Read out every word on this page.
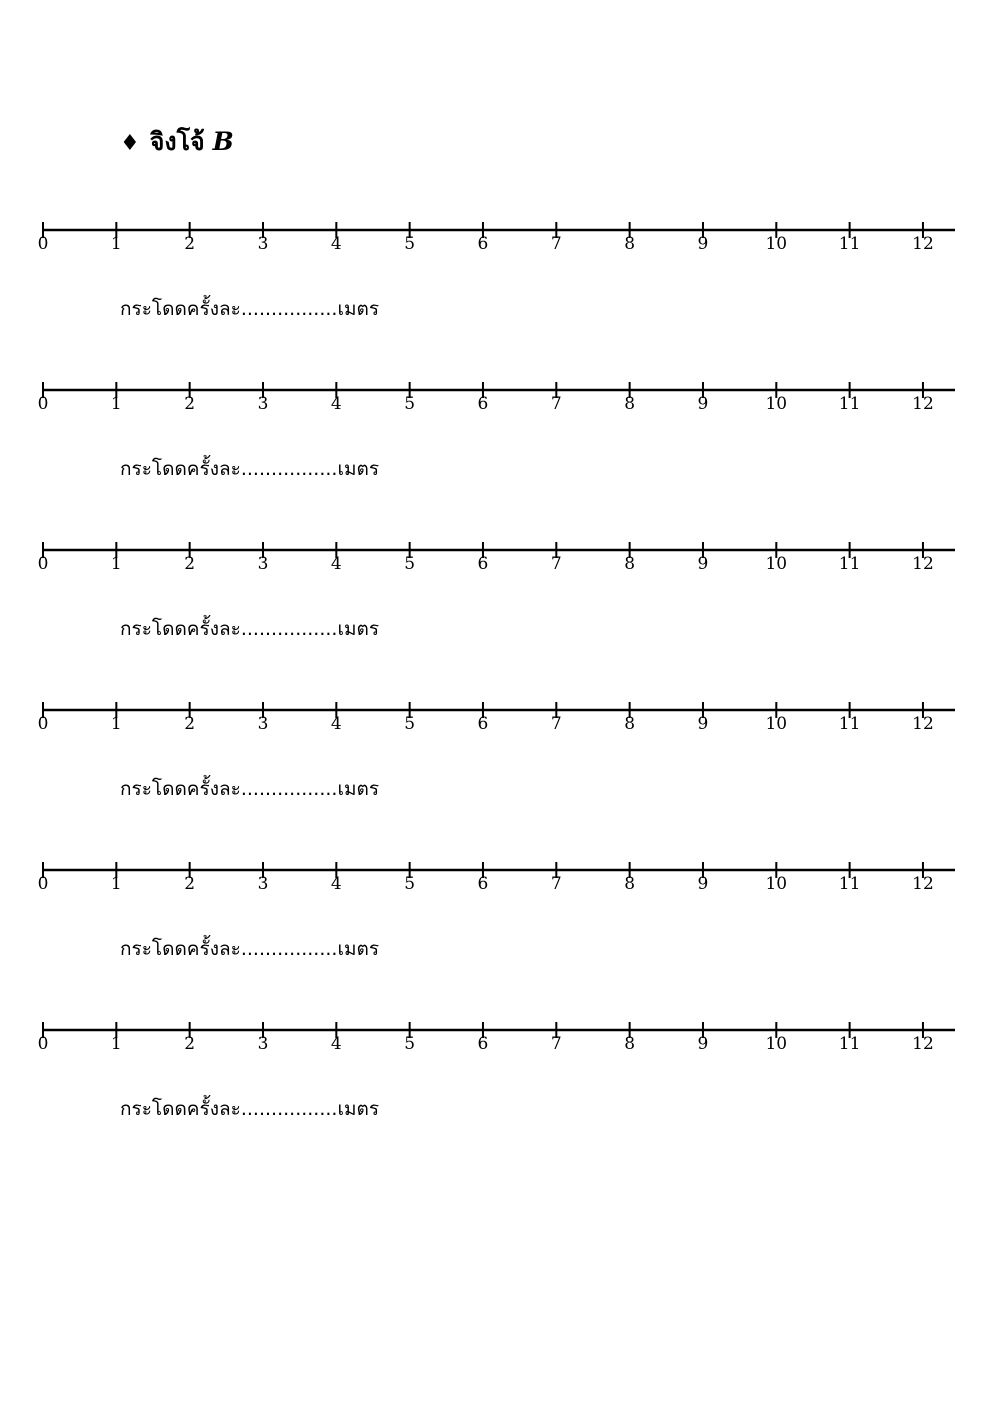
♦ จิงโจ้ B
0	1	2	3	4	5	6	7	8	9	10	11	12
กระโดดครั้งละ................เมตร
0	1	2	3	4	5	6	7	8	9	10	11	12
กระโดดครั้งละ................เมตร
0	1	2	3	4	5	6	7	8	9	10	11	12
กระโดดครั้งละ................เมตร
0	1	2	3	4	5	6	7	8	9	10	11	12
กระโดดครั้งละ................เมตร
0	1	2	3	4	5	6	7	8	9	10	11	12
กระโดดครั้งละ................เมตร
0	1	2	3	4	5	6	7	8	9	10	11	12
กระโดดครั้งละ................เมตร
